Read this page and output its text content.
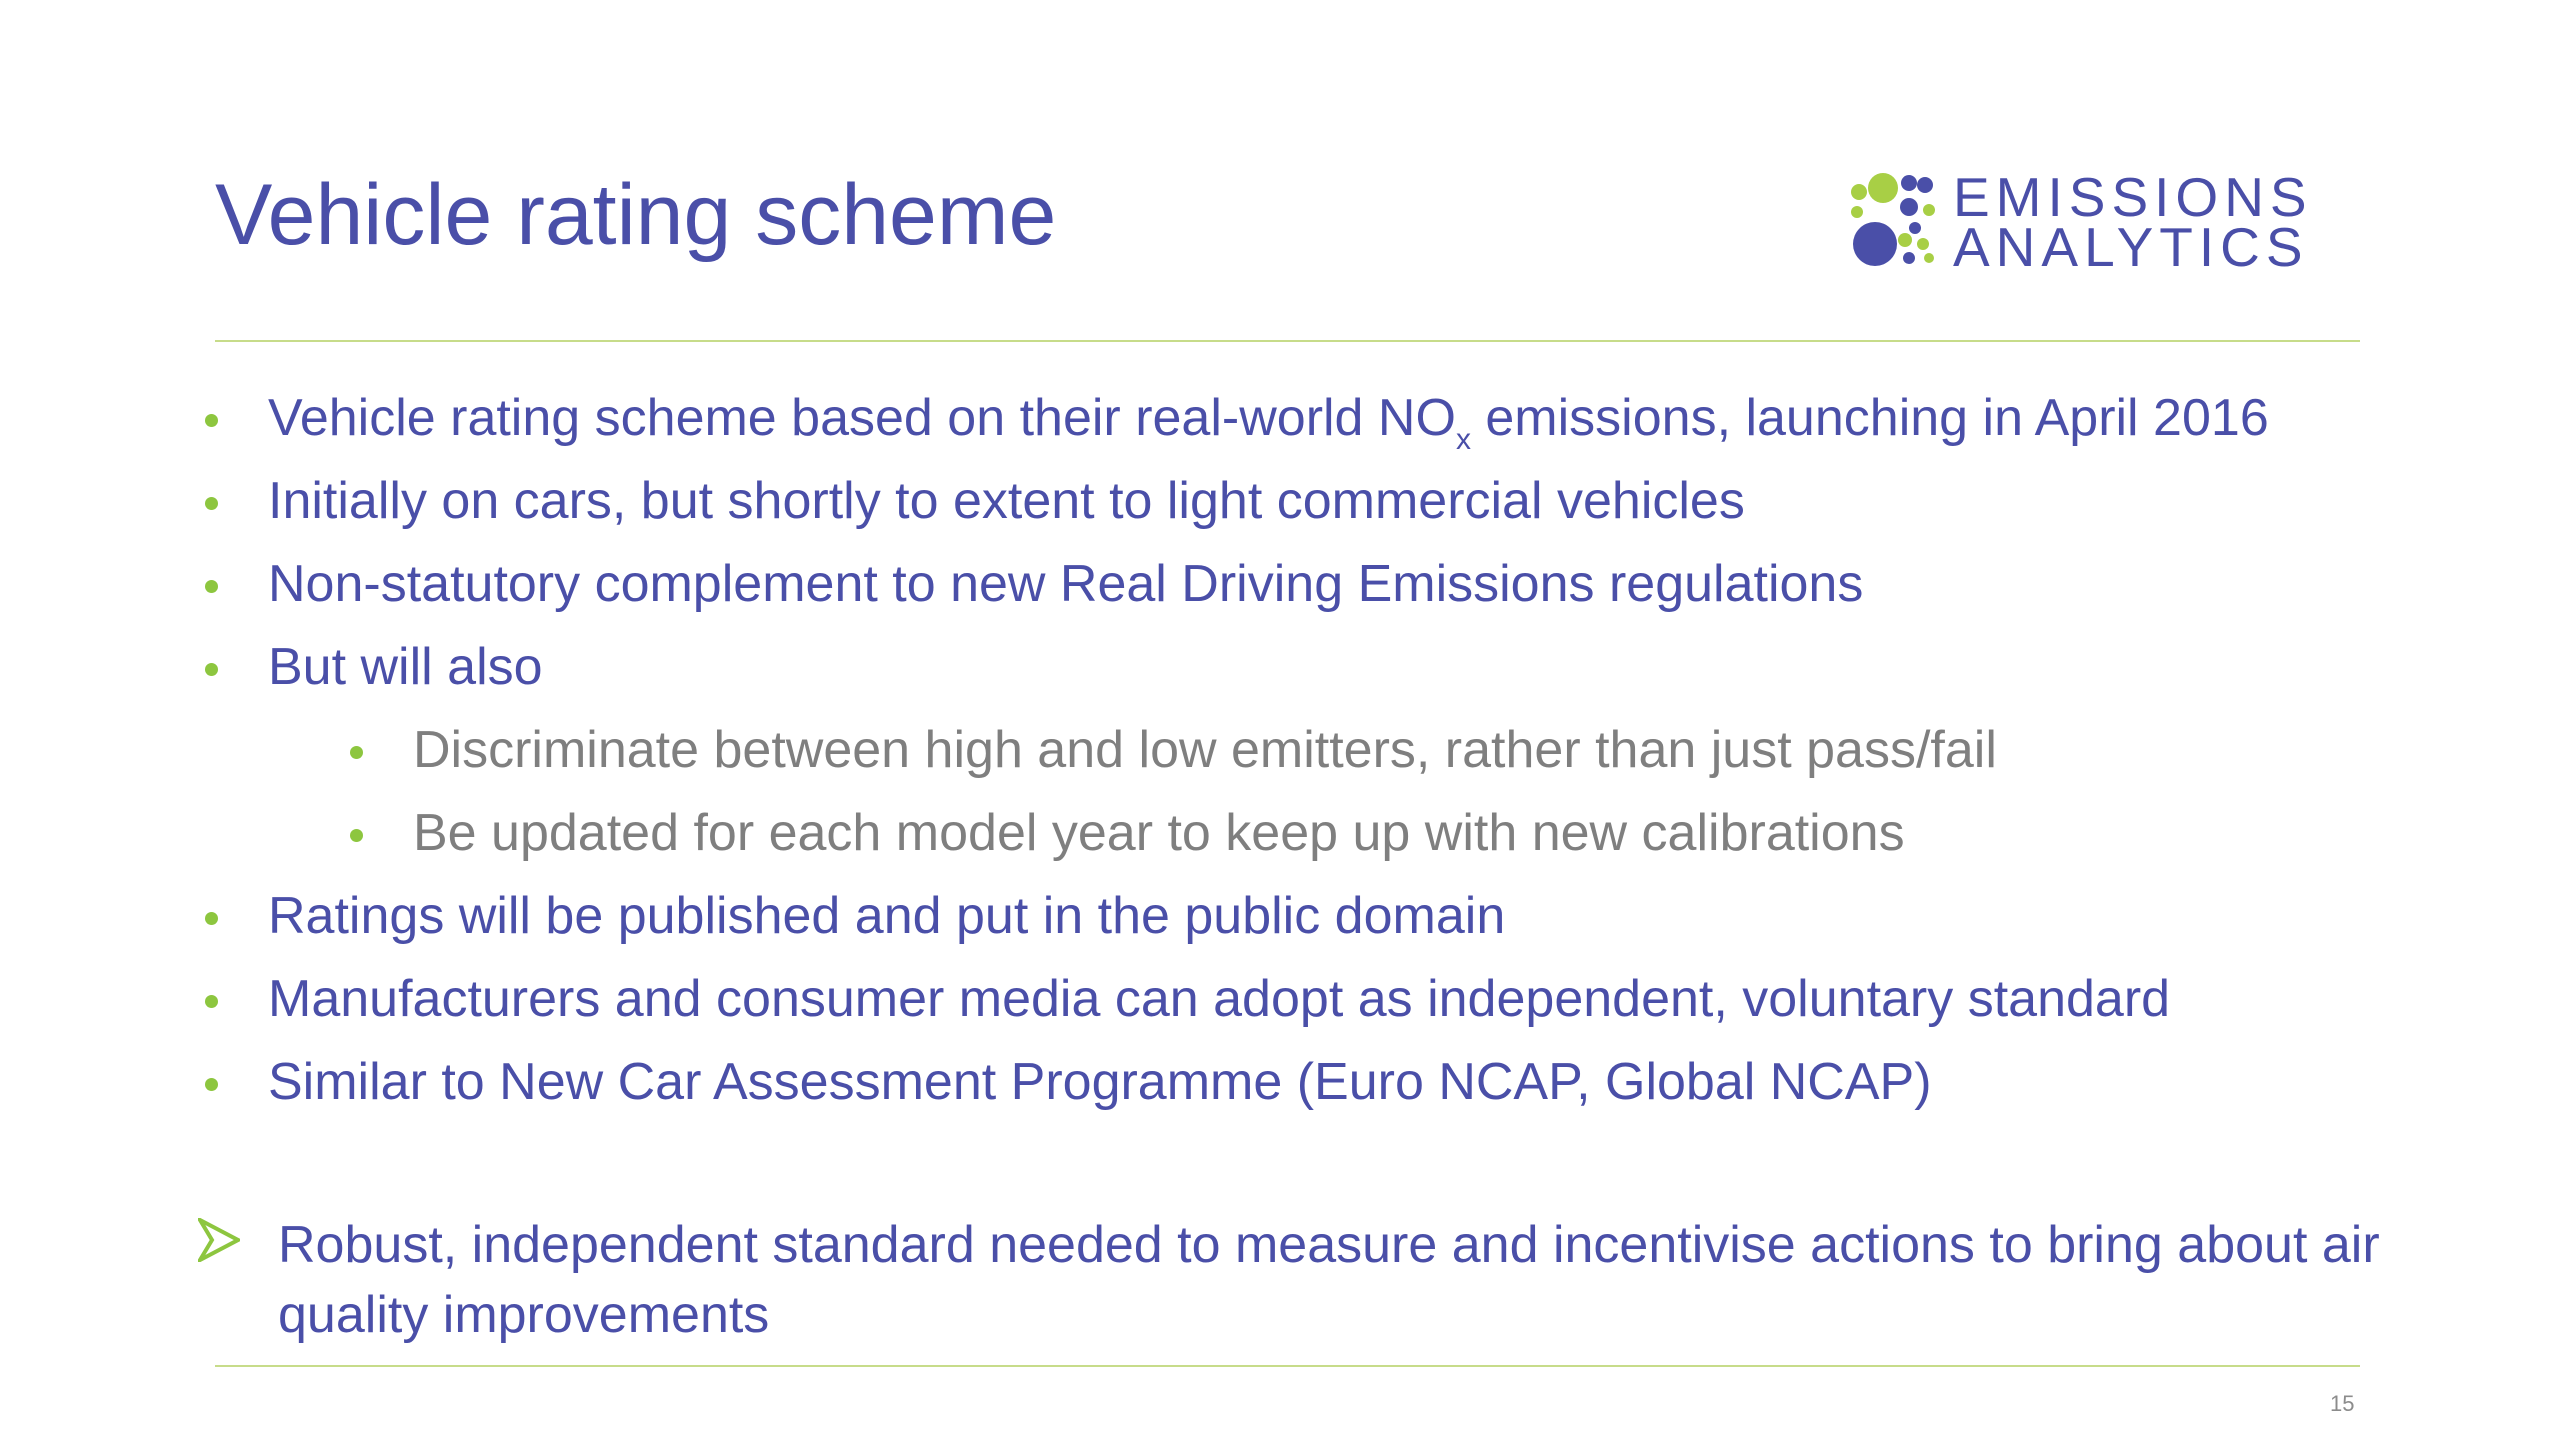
Vehicle rating scheme	EMISSIONS
ANALYTICS
Vehicle rating scheme based on their real-world $NO_x$ emissions, launching in April 2016
Initially on cars, but shortly to extent to light commercial vehicles
Non-statutory complement to new Real Driving Emissions regulations
But will also
Discriminate between high and low emitters, rather than just pass/fail
Be updated for each model year to keep up with new calibrations
Ratings will be published and put in the public domain
Manufacturers and consumer media can adopt as independent, voluntary standard
Similar to New Car Assessment Programme (Euro NCAP, Global NCAP)
Robust, independent standard needed to measure and incentivise actions to bring about air quality improvements
15
